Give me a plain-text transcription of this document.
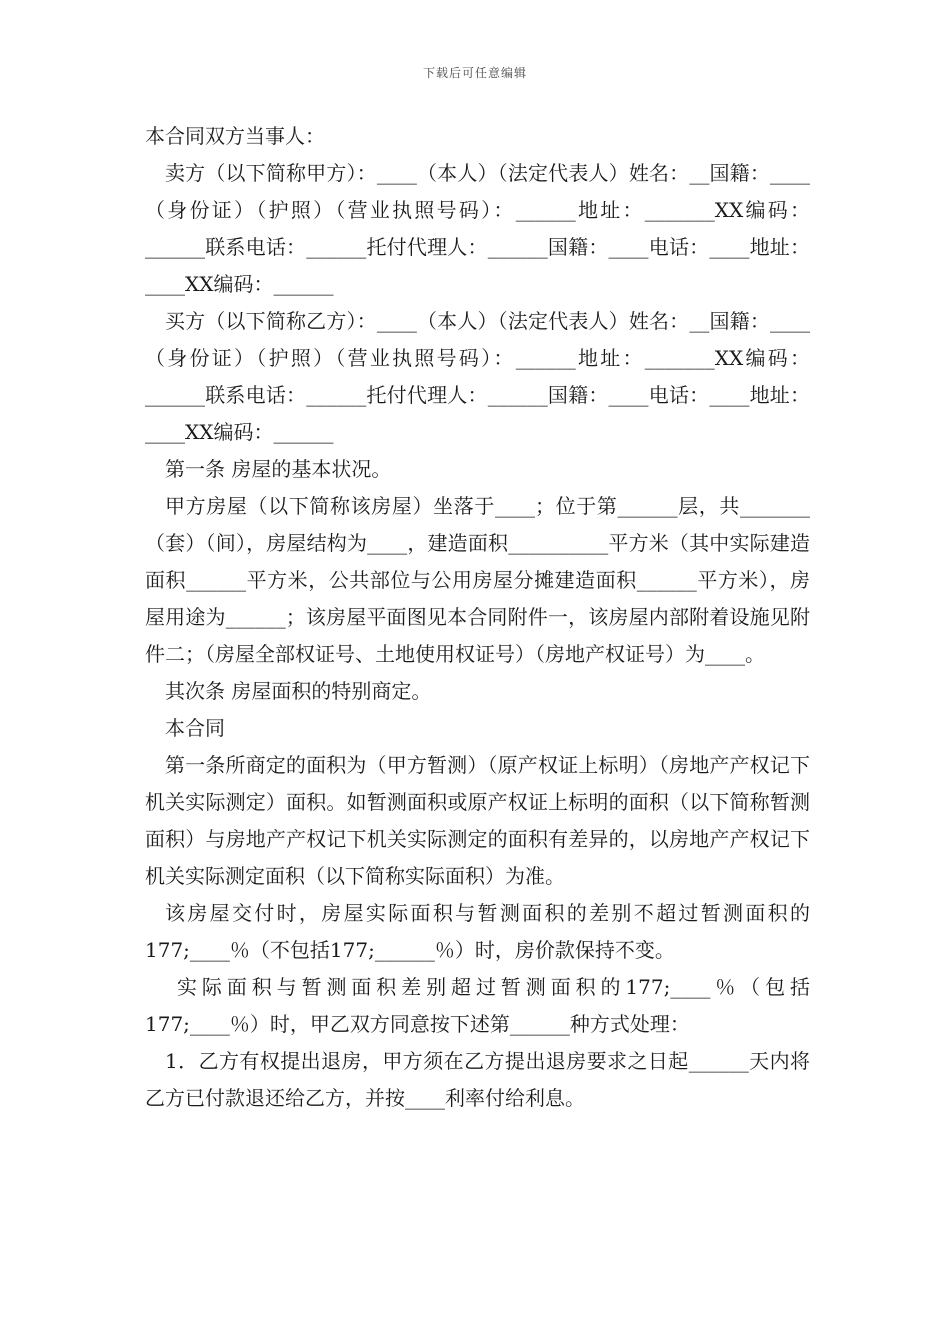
下载后可任意编辑

本合同双方当事人：

卖方（以下简称甲方）：____（本人）（法定代表人）姓名：__国籍：____（身份证）（护照）（营业执照号码）：______地址：_______XX编码：______联系电话：______托付代理人：______国籍：____电话：____地址：____XX编码：______

买方（以下简称乙方）：____（本人）（法定代表人）姓名：__国籍：____（身份证）（护照）（营业执照号码）：______地址：_______XX编码：______联系电话：______托付代理人：______国籍：____电话：____地址：____XX编码：______

第一条 房屋的基本状况。

甲方房屋（以下简称该房屋）坐落于____；位于第______层，共_______（套）（间），房屋结构为____，建造面积__________平方米（其中实际建造面积______平方米，公共部位与公用房屋分摊建造面积______平方米），房屋用途为______；该房屋平面图见本合同附件一，该房屋内部附着设施见附件二；（房屋全部权证号、土地使用权证号）（房地产权证号）为____。

其次条 房屋面积的特别商定。

本合同

第一条所商定的面积为（甲方暂测）（原产权证上标明）（房地产产权记下机关实际测定）面积。如暂测面积或原产权证上标明的面积（以下简称暂测面积）与房地产产权记下机关实际测定的面积有差异的，以房地产产权记下机关实际测定面积（以下简称实际面积）为准。

该房屋交付时，房屋实际面积与暂测面积的差别不超过暂测面积的177;____％（不包括177;______％）时，房价款保持不变。

实际面积与暂测面积差别超过暂测面积的177;____％（包括177;____％）时，甲乙双方同意按下述第______种方式处理：

1．乙方有权提出退房，甲方须在乙方提出退房要求之日起______天内将乙方已付款退还给乙方，并按____利率付给利息。
